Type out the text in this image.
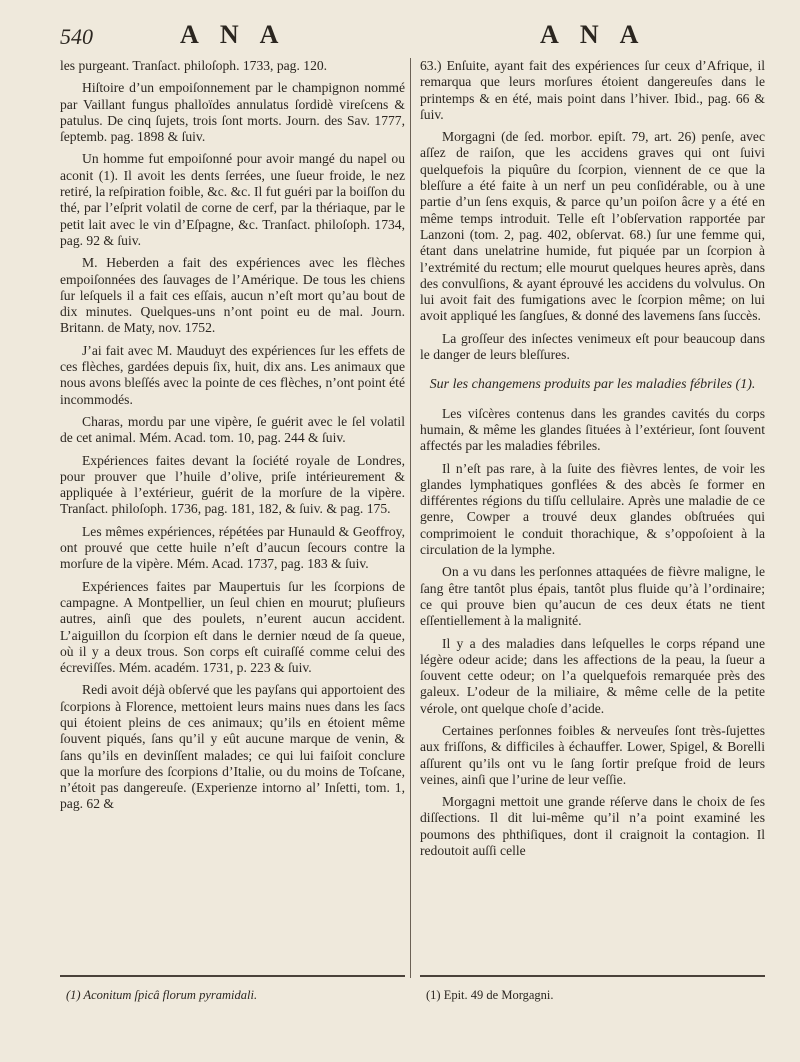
540	A N A	A N A

les purgeant. Tranſact. philoſoph. 1733, pag. 120.

Hiſtoire d’un empoiſonnement par le champignon nommé par Vaillant fungus phalloïdes annulatus ſordidè vireſcens & patulus. De cinq ſujets, trois ſont morts. Journ. des Sav. 1777, ſeptemb. pag. 1898 & ſuiv.

Un homme fut empoiſonné pour avoir mangé du napel ou aconit (1). Il avoit les dents ſerrées, une ſueur froide, le nez retiré, la reſpiration foible, &c. &c. Il fut guéri par la boiſſon du thé, par l’eſprit volatil de corne de cerf, par la thériaque, par le petit lait avec le vin d’Eſpagne, &c. Tranſact. philoſoph. 1734, pag. 92 & ſuiv.

M. Heberden a fait des expériences avec les flèches empoiſonnées des ſauvages de l’Amérique. De tous les chiens ſur leſquels il a fait ces eſſais, aucun n’eſt mort qu’au bout de dix minutes. Quelques-uns n’ont point eu de mal. Journ. Britann. de Maty, nov. 1752.

J’ai fait avec M. Mauduyt des expériences ſur les effets de ces flèches, gardées depuis ſix, huit, dix ans. Les animaux que nous avons bleſſés avec la pointe de ces flèches, n’ont point été incommodés.

Charas, mordu par une vipère, ſe guérit avec le ſel volatil de cet animal. Mém. Acad. tom. 10, pag. 244 & ſuiv.

Expériences faites devant la ſociété royale de Londres, pour prouver que l’huile d’olive, priſe intérieurement & appliquée à l’extérieur, guérit de la morſure de la vipère. Tranſact. philoſoph. 1736, pag. 181, 182, & ſuiv. & pag. 175.

Les mêmes expériences, répétées par Hunauld & Geoffroy, ont prouvé que cette huile n’eſt d’aucun ſecours contre la morſure de la vipère. Mém. Acad. 1737, pag. 183 & ſuiv.

Expériences faites par Maupertuis ſur les ſcorpions de campagne. A Montpellier, un ſeul chien en mourut; pluſieurs autres, ainſi que des poulets, n’eurent aucun accident. L’aiguillon du ſcorpion eſt dans le dernier nœud de ſa queue, où il y a deux trous. Son corps eſt cuiraſſé comme celui des écreviſſes. Mém. académ. 1731, p. 223 & ſuiv.

Redi avoit déjà obſervé que les payſans qui apportoient des ſcorpions à Florence, mettoient leurs mains nues dans les ſacs qui étoient pleins de ces animaux; qu’ils en étoient même ſouvent piqués, ſans qu’il y eût aucune marque de venin, & ſans qu’ils en devinſſent malades; ce qui lui faiſoit conclure que la morſure des ſcorpions d’Italie, ou du moins de Toſcane, n’étoit pas dangereuſe. (Experienze intorno al’ Inſetti, tom. 1, pag. 62 &

63.) Enſuite, ayant fait des expériences ſur ceux d’Afrique, il remarqua que leurs morſures étoient dangereuſes dans le printemps & en été, mais point dans l’hiver. Ibid., pag. 66 & ſuiv.

Morgagni (de ſed. morbor. epiſt. 79, art. 26) penſe, avec aſſez de raiſon, que les accidens graves qui ont ſuivi quelquefois la piquûre du ſcorpion, viennent de ce que la bleſſure a été faite à un nerf un peu conſidérable, ou à une partie d’un ſens exquis, & parce qu’un poiſon âcre y a été en même temps introduit. Telle eſt l’obſervation rapportée par Lanzoni (tom. 2, pag. 402, obſervat. 68.) ſur une femme qui, étant dans unelatrine humide, fut piquée par un ſcorpion à l’extrémité du rectum; elle mourut quelques heures après, dans des convulſions, & ayant éprouvé les accidens du volvulus. On lui avoit fait des fumigations avec le ſcorpion même; on lui avoit appliqué les ſangſues, & donné des lavemens ſans ſuccès.

La groſſeur des inſectes venimeux eſt pour beaucoup dans le danger de leurs bleſſures.

Sur les changemens produits par les maladies fébriles (1).

Les viſcères contenus dans les grandes cavités du corps humain, & même les glandes ſituées à l’extérieur, ſont ſouvent affectés par les maladies fébriles.

Il n’eſt pas rare, à la ſuite des fièvres lentes, de voir les glandes lymphatiques gonflées & des abcès ſe former en différentes régions du tiſſu cellulaire. Après une maladie de ce genre, Cowper a trouvé deux glandes obſtruées qui comprimoient le conduit thorachique, & s’oppoſoient à la circulation de la lymphe.

On a vu dans les perſonnes attaquées de fièvre maligne, le ſang être tantôt plus épais, tantôt plus fluide qu’à l’ordinaire; ce qui prouve bien qu’aucun de ces deux états ne tient eſſentiellement à la malignité.

Il y a des maladies dans leſquelles le corps répand une légère odeur acide; dans les affections de la peau, la ſueur a ſouvent cette odeur; on l’a quelquefois remarquée près des galeux. L’odeur de la miliaire, & même celle de la petite vérole, ont quelque choſe d’acide.

Certaines perſonnes foibles & nerveuſes ſont très-ſujettes aux friſſons, & difficiles à échauffer. Lower, Spigel, & Borelli aſſurent qu’ils ont vu le ſang ſortir preſque froid de leurs veines, ainſi que l’urine de leur veſſie.

Morgagni mettoit une grande réſerve dans le choix de ſes diſſections. Il dit lui-même qu’il n’a point examiné les poumons des phthiſiques, dont il craignoit la contagion. Il redoutoit auſſi celle

(1) Aconitum ſpicâ florum pyramidali.	(1) Epit. 49 de Morgagni.
